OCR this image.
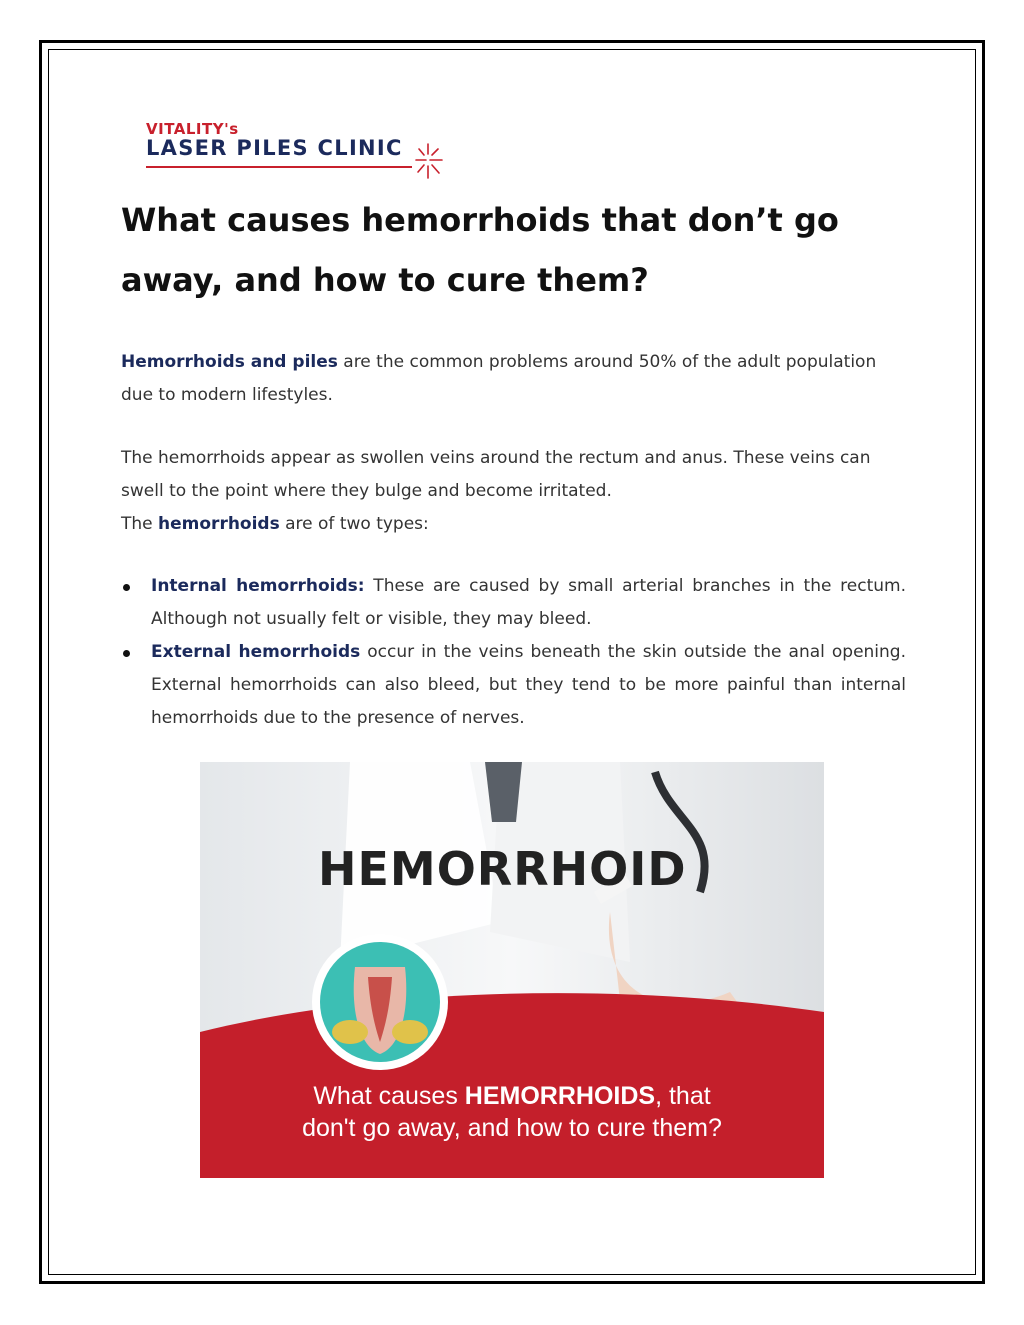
VITALITY's
LASER PILES CLINIC
What causes hemorrhoids that don’t go away, and how to cure them?

Hemorrhoids and piles are the common problems around 50% of the adult population due to modern lifestyles.

The hemorrhoids appear as swollen veins around the rectum and anus. These veins can swell to the point where they bulge and become irritated.
The hemorrhoids are of two types:

Internal hemorrhoids: These are caused by small arterial branches in the rectum. Although not usually felt or visible, they may bleed.
External hemorrhoids occur in the veins beneath the skin outside the anal opening. External hemorrhoids can also bleed, but they tend to be more painful than internal hemorrhoids due to the presence of nerves.
HEMORRHOID
What causes HEMORRHOIDS, that
don't go away, and how to cure them?
